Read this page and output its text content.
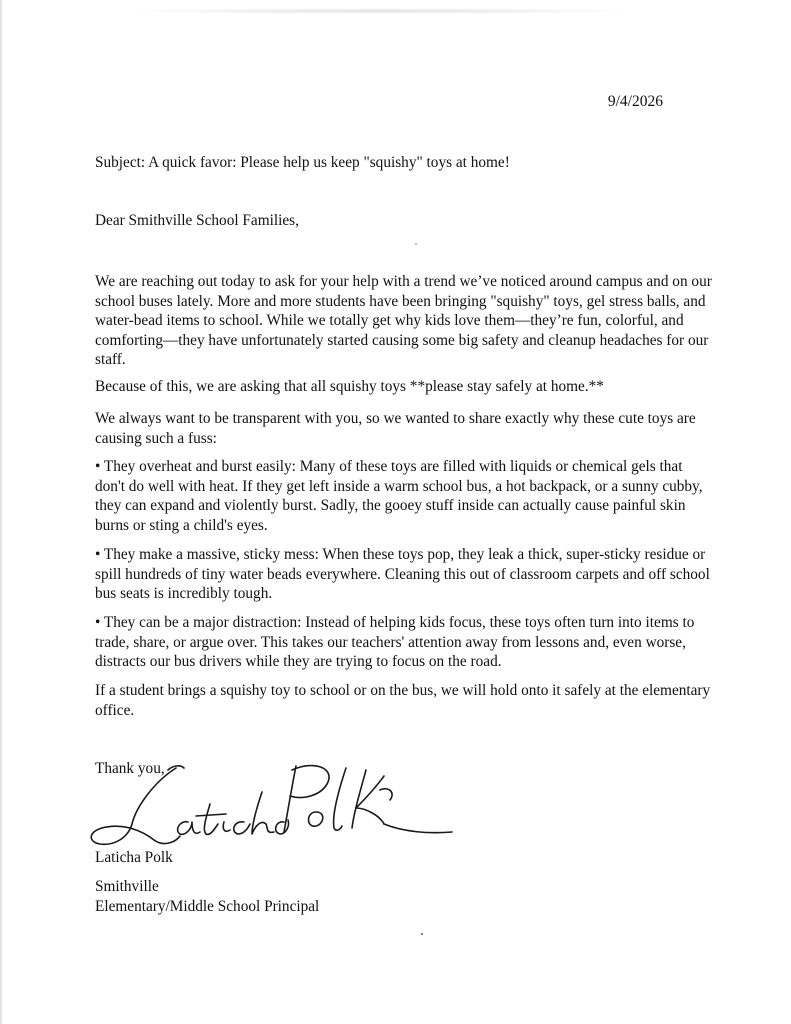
9/4/2026

Subject: A quick favor: Please help us keep "squishy" toys at home!

Dear Smithville School Families,

We are reaching out today to ask for your help with a trend we’ve noticed around campus and on our school buses lately. More and more students have been bringing "squishy" toys, gel stress balls, and water-bead items to school. While we totally get why kids love them—they’re fun, colorful, and comforting—they have unfortunately started causing some big safety and cleanup headaches for our staff.

Because of this, we are asking that all squishy toys **please stay safely at home.**

We always want to be transparent with you, so we wanted to share exactly why these cute toys are causing such a fuss:

• They overheat and burst easily: Many of these toys are filled with liquids or chemical gels that don't do well with heat. If they get left inside a warm school bus, a hot backpack, or a sunny cubby, they can expand and violently burst. Sadly, the gooey stuff inside can actually cause painful skin burns or sting a child's eyes.

• They make a massive, sticky mess: When these toys pop, they leak a thick, super-sticky residue or spill hundreds of tiny water beads everywhere. Cleaning this out of classroom carpets and off school bus seats is incredibly tough.

• They can be a major distraction: Instead of helping kids focus, these toys often turn into items to trade, share, or argue over. This takes our teachers' attention away from lessons and, even worse, distracts our bus drivers while they are trying to focus on the road.

If a student brings a squishy toy to school or on the bus, we will hold onto it safely at the elementary office.

Thank you,

Laticha Polk

Smithville

Elementary/Middle School Principal
